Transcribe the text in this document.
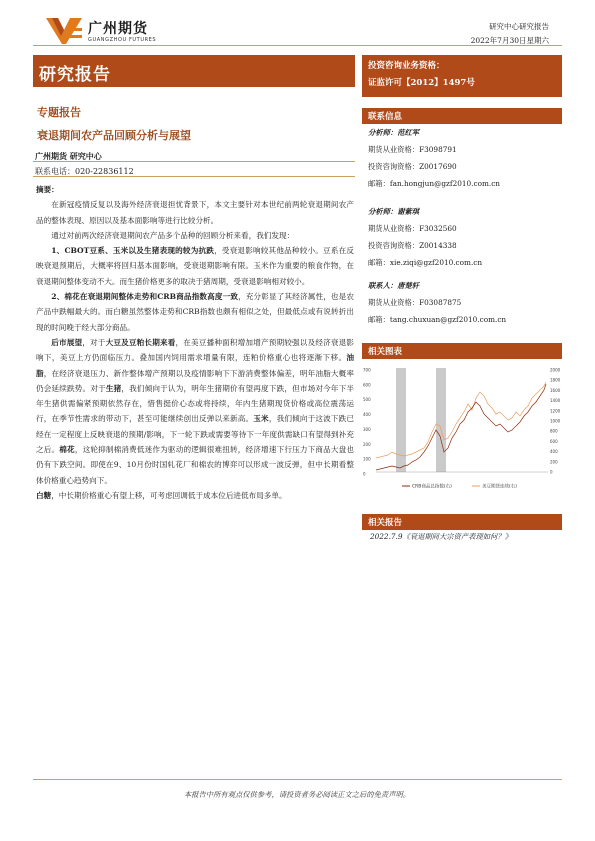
广州期货
GUANGZHOU FUTURES
研究中心研究报告
2022年7月30日星期六
研究报告
专题报告
衰退期间农产品回顾分析与展望
广州期货 研究中心
联系电话：020-22836112

摘要：

在新冠疫情反复以及海外经济衰退担忧背景下，本文主要针对本世纪前两轮衰退期间农产品的整体表现、原因以及基本面影响等进行比较分析。

通过对前两次经济衰退期间农产品多个品种的回顾分析来看，我们发现：

1、CBOT豆系、玉米以及生猪表现的较为抗跌，受衰退影响较其他品种较小。豆系在反映衰退预期后，大概率将回归基本面影响，受衰退期影响有限。玉米作为重要的粮食作物，在衰退期间整体变动不大。而生猪价格更多的取决于猪周期，受衰退影响相对较小。

2、棉花在衰退期间整体走势和CRB商品指数高度一致，充分彰显了其经济属性，也是农产品中跌幅最大的。而白糖虽然整体走势和CRB指数也颇有相似之处，但最低点或有说转折出现的时间晚于经大部分商品。

后市展望，对于大豆及豆粕长期来看，在美豆播种面积增加增产预期较强以及经济衰退影响下，美豆上方仍面临压力。叠加国内饲用需求增量有限，连粕价格重心也将逐渐下移。油脂，在经济衰退压力、新作整体增产预期以及疫情影响下下游消费整体偏差，明年油脂大概率仍会延续跌势。对于生猪，我们倾向于认为，明年生猪期价有望再度下跌，但市场对今年下半年生猪供需偏紧预期依然存在，惜售挺价心态或将持续，年内生猪期现货价格或高位震荡运行，在季节性需求的带动下，甚至可能继续创出反弹以来新高。玉米，我们倾向于这波下跌已经在一定程度上反映衰退的预期/影响，下一轮下跌或需要等待下一年度供需缺口有望得到补充之后。棉花，这轮抑制棉消费低迷作为驱动的逻辑很难扭转，经济增速下行压力下商品大盘也仍有下跌空间。即使在9、10月份时国轧花厂和棉农的博弈可以形成一波反弹，但中长期看整体价格重心趋势向下。

白糖，中长期价格重心有望上移，可考虑回调低于成本位后进低布局多单。

投资咨询业务资格：
证监许可【2012】1497号
联系信息
分析师：范红军
期货从业资格：F3098791
投资咨询资格：Z0017690
邮箱：fan.hongjun@gzf2010.com.cn
分析师：谢紫琪
期货从业资格：F3032560
投资咨询资格：Z0014338
邮箱：xie.ziqi@gzf2010.com.cn
联系人：唐楚轩
期货从业资格：F03087875
邮箱：tang.chuxuan@gzf2010.com.cn
相关图表
700
600
500
400
300
200
100
0
2000
1800
1600
1400
1200
1000
800
600
400
200
0
CRB商品总指数(右)	美豆期货连续(右)
相关报告
2022.7.9《衰退期间大宗资产表现如何？》
本报告中所有观点仅供参考，请投资者务必阅读正文之后的免责声明。
